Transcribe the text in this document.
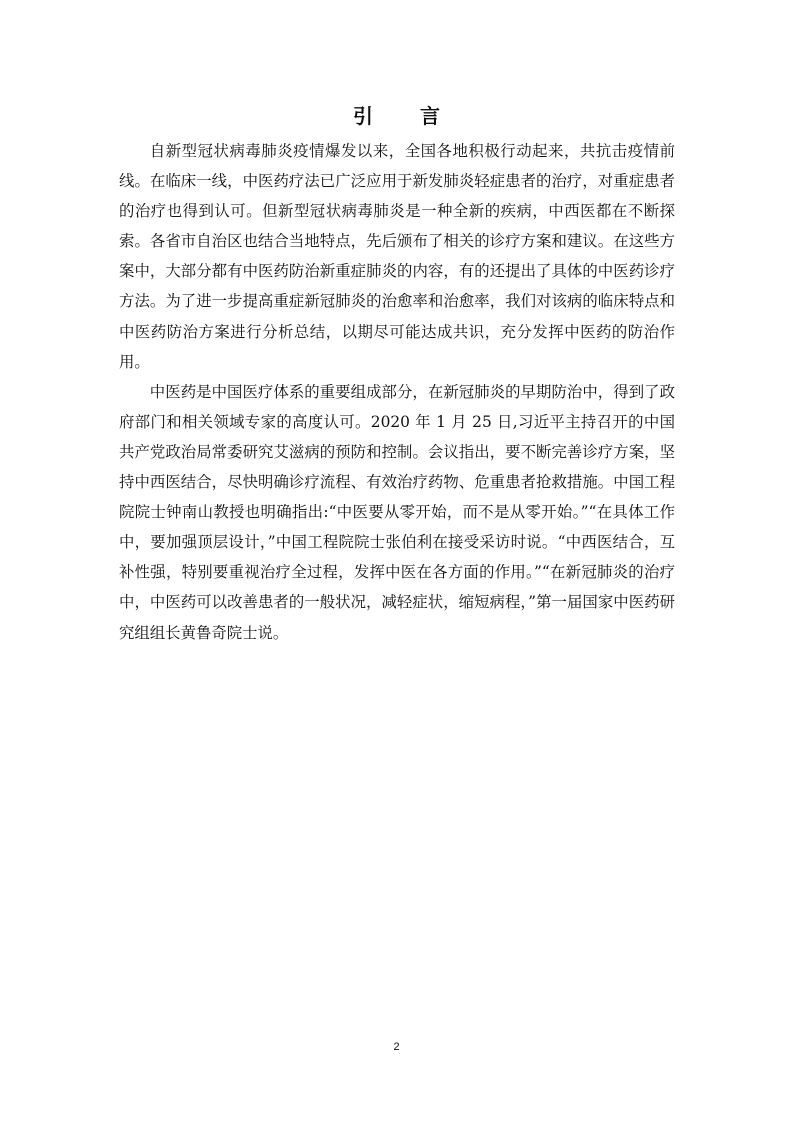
引 言

自新型冠状病毒肺炎疫情爆发以来，全国各地积极行动起来，共抗击疫情前线。在临床一线，中医药疗法已广泛应用于新发肺炎轻症患者的治疗，对重症患者的治疗也得到认可。但新型冠状病毒肺炎是一种全新的疾病，中西医都在不断探索。各省市自治区也结合当地特点，先后颁布了相关的诊疗方案和建议。在这些方案中，大部分都有中医药防治新重症肺炎的内容，有的还提出了具体的中医药诊疗方法。为了进一步提高重症新冠肺炎的治愈率和治愈率，我们对该病的临床特点和中医药防治方案进行分析总结，以期尽可能达成共识，充分发挥中医药的防治作用。

中医药是中国医疗体系的重要组成部分，在新冠肺炎的早期防治中，得到了政府部门和相关领域专家的高度认可。2020 年 1 月 25 日,习近平主持召开的中国共产党政治局常委研究艾滋病的预防和控制。会议指出，要不断完善诊疗方案，坚持中西医结合，尽快明确诊疗流程、有效治疗药物、危重患者抢救措施。中国工程院院士钟南山教授也明确指出:“中医要从零开始，而不是从零开始。”“在具体工作中，要加强顶层设计，”中国工程院院士张伯利在接受采访时说。“中西医结合，互补性强，特别要重视治疗全过程，发挥中医在各方面的作用。”“在新冠肺炎的治疗中，中医药可以改善患者的一般状况，减轻症状，缩短病程，”第一届国家中医药研究组组长黄鲁奇院士说。

2
